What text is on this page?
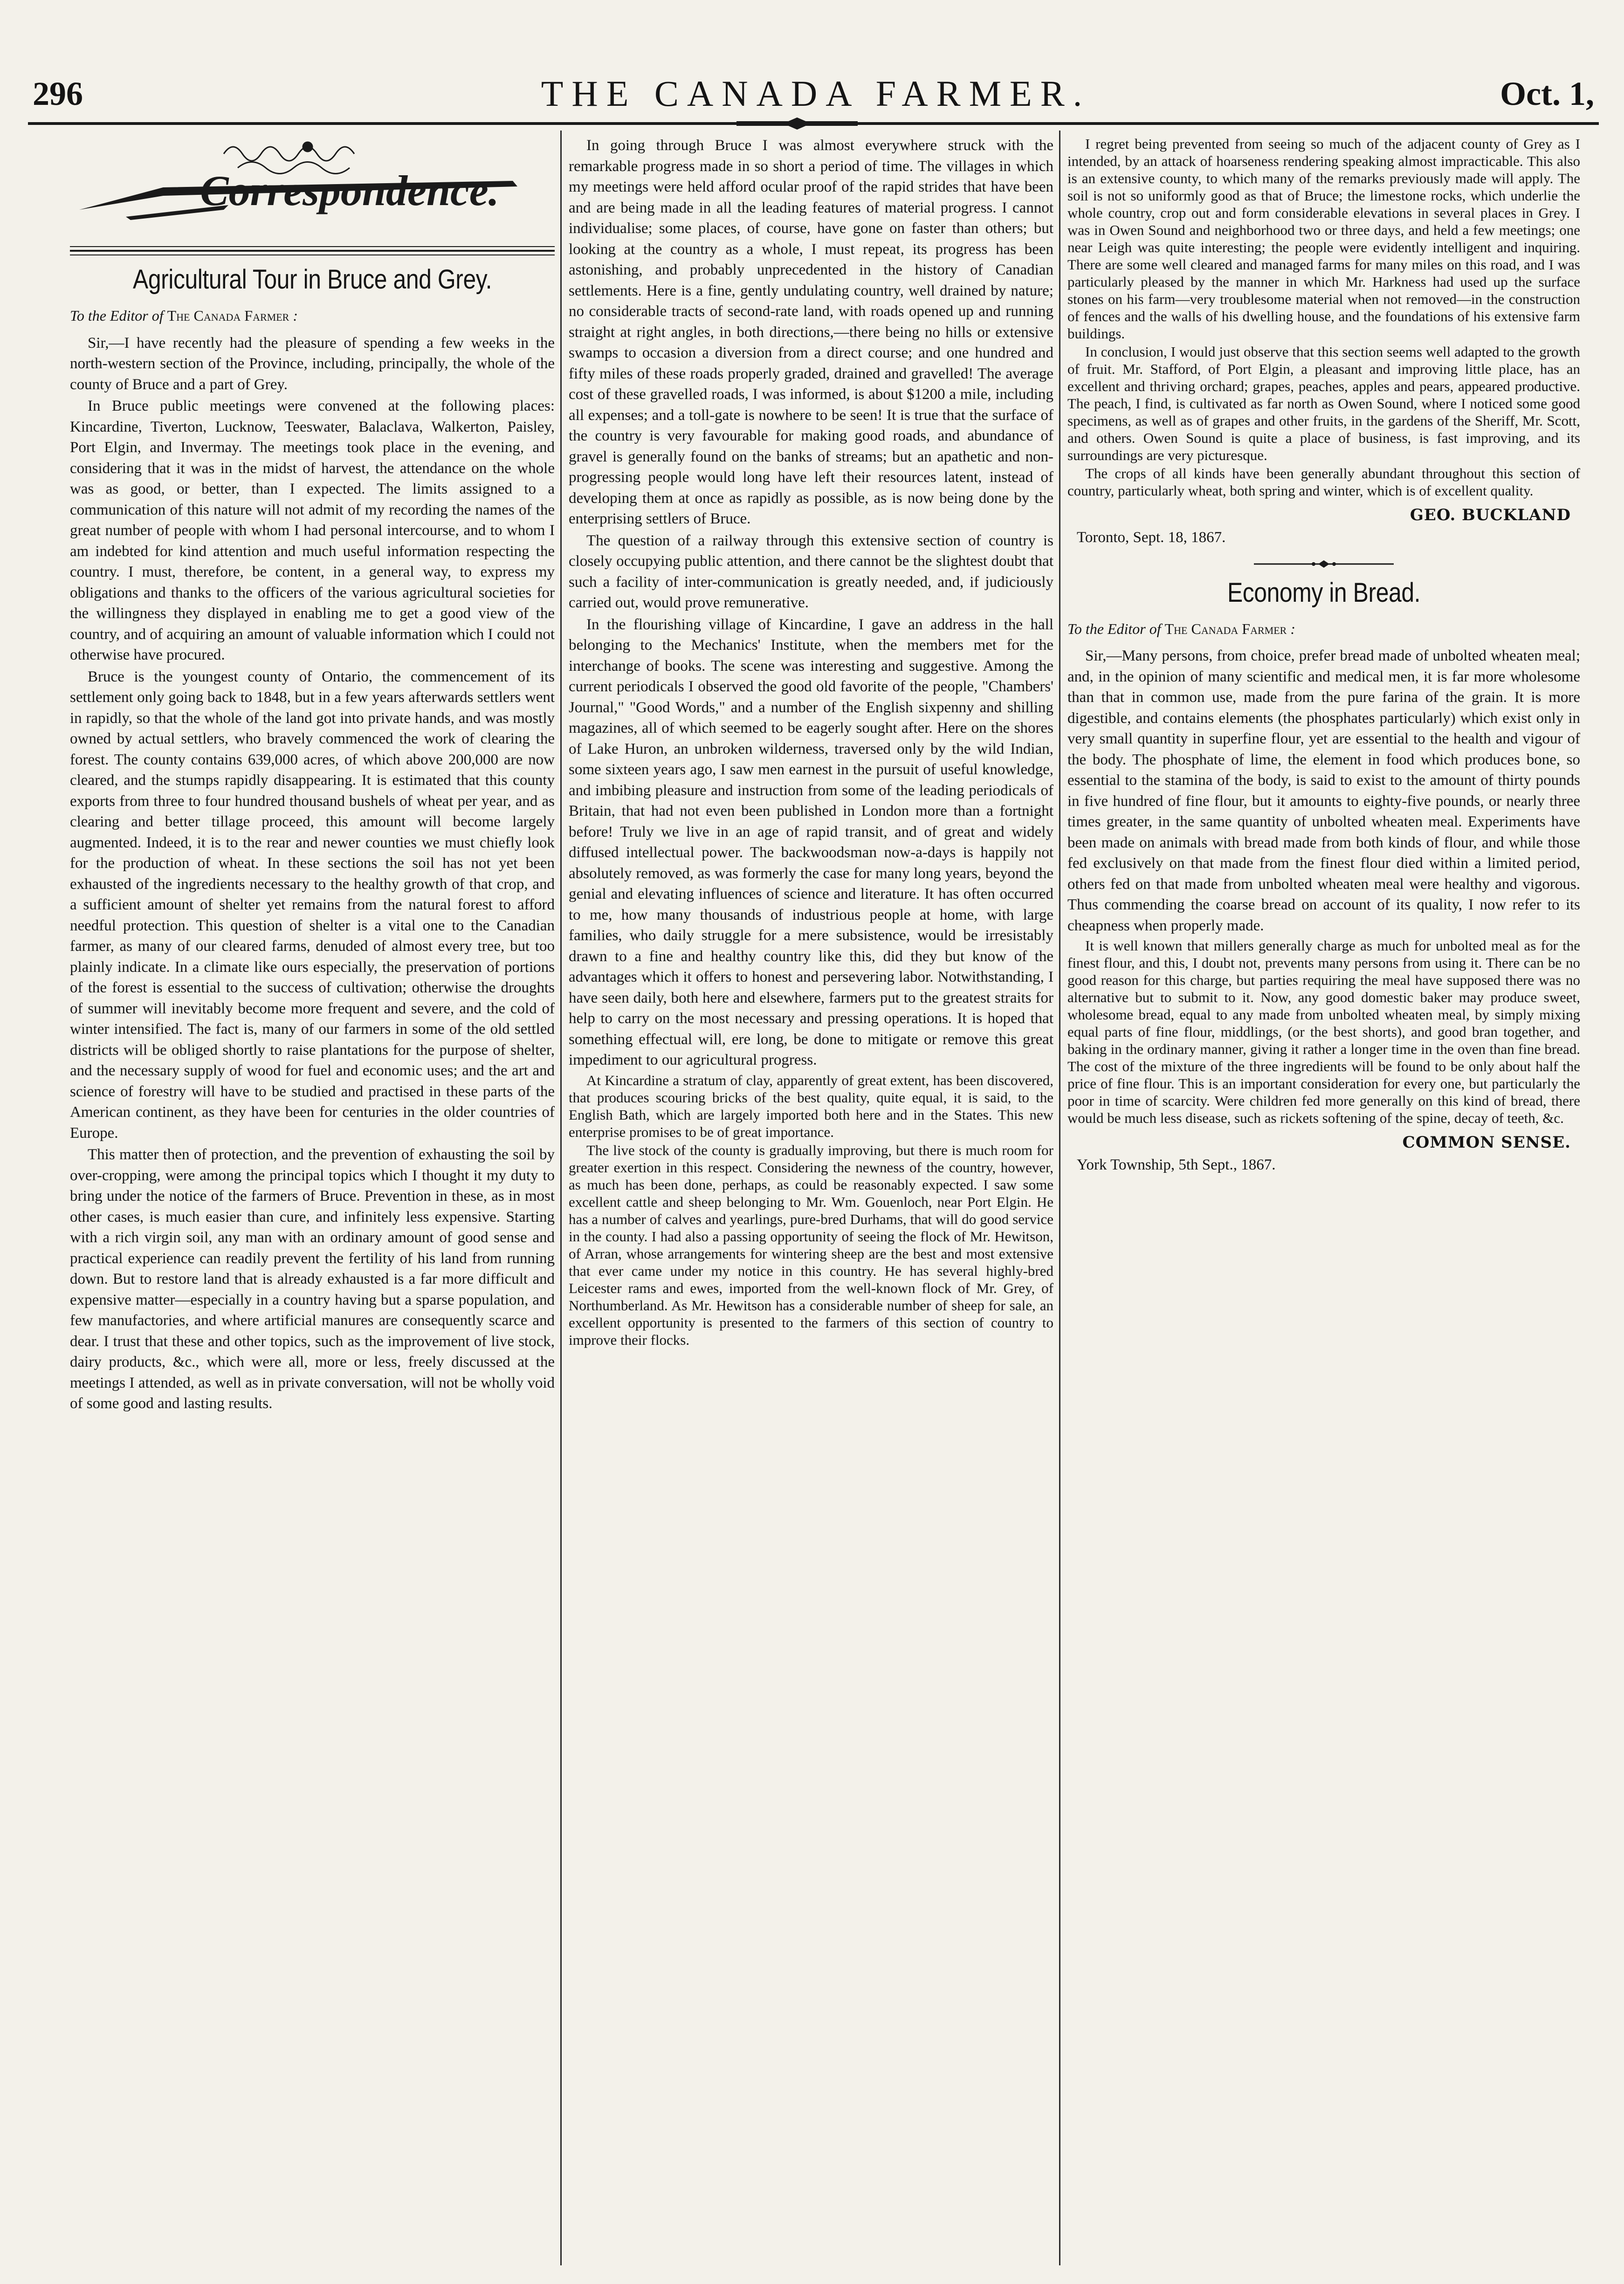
296	THE CANADA FARMER.	Oct. 1,
Correspondence.
Agricultural Tour in Bruce and Grey.

To the Editor of The Canada Farmer :

Sir,—I have recently had the pleasure of spending a few weeks in the north-western section of the Province, including, principally, the whole of the county of Bruce and a part of Grey.

In Bruce public meetings were convened at the following places: Kincardine, Tiverton, Lucknow, Teeswater, Balaclava, Walkerton, Paisley, Port Elgin, and Invermay. The meetings took place in the evening, and considering that it was in the midst of harvest, the attendance on the whole was as good, or better, than I expected. The limits assigned to a communication of this nature will not admit of my recording the names of the great number of people with whom I had personal intercourse, and to whom I am indebted for kind attention and much useful information respecting the country. I must, therefore, be content, in a general way, to express my obligations and thanks to the officers of the various agricultural societies for the willingness they displayed in enabling me to get a good view of the country, and of acquiring an amount of valuable information which I could not otherwise have procured.

Bruce is the youngest county of Ontario, the commencement of its settlement only going back to 1848, but in a few years afterwards settlers went in rapidly, so that the whole of the land got into private hands, and was mostly owned by actual settlers, who bravely commenced the work of clearing the forest. The county contains 639,000 acres, of which above 200,000 are now cleared, and the stumps rapidly disappearing. It is estimated that this county exports from three to four hundred thousand bushels of wheat per year, and as clearing and better tillage proceed, this amount will become largely augmented. Indeed, it is to the rear and newer counties we must chiefly look for the production of wheat. In these sections the soil has not yet been exhausted of the ingredients necessary to the healthy growth of that crop, and a sufficient amount of shelter yet remains from the natural forest to afford needful protection. This question of shelter is a vital one to the Canadian farmer, as many of our cleared farms, denuded of almost every tree, but too plainly indicate. In a climate like ours especially, the preservation of portions of the forest is essential to the success of cultivation; otherwise the droughts of summer will inevitably become more frequent and severe, and the cold of winter intensified. The fact is, many of our farmers in some of the old settled districts will be obliged shortly to raise plantations for the purpose of shelter, and the necessary supply of wood for fuel and economic uses; and the art and science of forestry will have to be studied and practised in these parts of the American continent, as they have been for centuries in the older countries of Europe.

This matter then of protection, and the prevention of exhausting the soil by over-cropping, were among the principal topics which I thought it my duty to bring under the notice of the farmers of Bruce. Prevention in these, as in most other cases, is much easier than cure, and infinitely less expensive. Starting with a rich virgin soil, any man with an ordinary amount of good sense and practical experience can readily prevent the fertility of his land from running down. But to restore land that is already exhausted is a far more difficult and expensive matter—especially in a country having but a sparse population, and few manufactories, and where artificial manures are consequently scarce and dear. I trust that these and other topics, such as the improvement of live stock, dairy products, &c., which were all, more or less, freely discussed at the meetings I attended, as well as in private conversation, will not be wholly void of some good and lasting results.

In going through Bruce I was almost everywhere struck with the remarkable progress made in so short a period of time. The villages in which my meetings were held afford ocular proof of the rapid strides that have been and are being made in all the leading features of material progress. I cannot individualise; some places, of course, have gone on faster than others; but looking at the country as a whole, I must repeat, its progress has been astonishing, and probably unprecedented in the history of Canadian settlements. Here is a fine, gently undulating country, well drained by nature; no considerable tracts of second-rate land, with roads opened up and running straight at right angles, in both directions,—there being no hills or extensive swamps to occasion a diversion from a direct course; and one hundred and fifty miles of these roads properly graded, drained and gravelled! The average cost of these gravelled roads, I was informed, is about $1200 a mile, including all expenses; and a toll-gate is nowhere to be seen! It is true that the surface of the country is very favourable for making good roads, and abundance of gravel is generally found on the banks of streams; but an apathetic and non-progressing people would long have left their resources latent, instead of developing them at once as rapidly as possible, as is now being done by the enterprising settlers of Bruce.

The question of a railway through this extensive section of country is closely occupying public attention, and there cannot be the slightest doubt that such a facility of inter-communication is greatly needed, and, if judiciously carried out, would prove remunerative.

In the flourishing village of Kincardine, I gave an address in the hall belonging to the Mechanics' Institute, when the members met for the interchange of books. The scene was interesting and suggestive. Among the current periodicals I observed the good old favorite of the people, "Chambers' Journal," "Good Words," and a number of the English sixpenny and shilling magazines, all of which seemed to be eagerly sought after. Here on the shores of Lake Huron, an unbroken wilderness, traversed only by the wild Indian, some sixteen years ago, I saw men earnest in the pursuit of useful knowledge, and imbibing pleasure and instruction from some of the leading periodicals of Britain, that had not even been published in London more than a fortnight before! Truly we live in an age of rapid transit, and of great and widely diffused intellectual power. The backwoodsman now-a-days is happily not absolutely removed, as was formerly the case for many long years, beyond the genial and elevating influences of science and literature. It has often occurred to me, how many thousands of industrious people at home, with large families, who daily struggle for a mere subsistence, would be irresistably drawn to a fine and healthy country like this, did they but know of the advantages which it offers to honest and persevering labor. Notwithstanding, I have seen daily, both here and elsewhere, farmers put to the greatest straits for help to carry on the most necessary and pressing operations. It is hoped that something effectual will, ere long, be done to mitigate or remove this great impediment to our agricultural progress.

At Kincardine a stratum of clay, apparently of great extent, has been discovered, that produces scouring bricks of the best quality, quite equal, it is said, to the English Bath, which are largely imported both here and in the States. This new enterprise promises to be of great importance.

The live stock of the county is gradually improving, but there is much room for greater exertion in this respect. Considering the newness of the country, however, as much has been done, perhaps, as could be reasonably expected. I saw some excellent cattle and sheep belonging to Mr. Wm. Gouenloch, near Port Elgin. He has a number of calves and yearlings, pure-bred Durhams, that will do good service in the county. I had also a passing opportunity of seeing the flock of Mr. Hewitson, of Arran, whose arrangements for wintering sheep are the best and most extensive that ever came under my notice in this country. He has several highly-bred Leicester rams and ewes, imported from the well-known flock of Mr. Grey, of Northumberland. As Mr. Hewitson has a considerable number of sheep for sale, an excellent opportunity is presented to the farmers of this section of country to improve their flocks.

I regret being prevented from seeing so much of the adjacent county of Grey as I intended, by an attack of hoarseness rendering speaking almost impracticable. This also is an extensive county, to which many of the remarks previously made will apply. The soil is not so uniformly good as that of Bruce; the limestone rocks, which underlie the whole country, crop out and form considerable elevations in several places in Grey. I was in Owen Sound and neighborhood two or three days, and held a few meetings; one near Leigh was quite interesting; the people were evidently intelligent and inquiring. There are some well cleared and managed farms for many miles on this road, and I was particularly pleased by the manner in which Mr. Harkness had used up the surface stones on his farm—very troublesome material when not removed—in the construction of fences and the walls of his dwelling house, and the foundations of his extensive farm buildings.

In conclusion, I would just observe that this section seems well adapted to the growth of fruit. Mr. Stafford, of Port Elgin, a pleasant and improving little place, has an excellent and thriving orchard; grapes, peaches, apples and pears, appeared productive. The peach, I find, is cultivated as far north as Owen Sound, where I noticed some good specimens, as well as of grapes and other fruits, in the gardens of the Sheriff, Mr. Scott, and others. Owen Sound is quite a place of business, is fast improving, and its surroundings are very picturesque.

The crops of all kinds have been generally abundant throughout this section of country, particularly wheat, both spring and winter, which is of excellent quality.

GEO. BUCKLAND
Toronto, Sept. 18, 1867.
Economy in Bread.

To the Editor of The Canada Farmer :

Sir,—Many persons, from choice, prefer bread made of unbolted wheaten meal; and, in the opinion of many scientific and medical men, it is far more wholesome than that in common use, made from the pure farina of the grain. It is more digestible, and contains elements (the phosphates particularly) which exist only in very small quantity in superfine flour, yet are essential to the health and vigour of the body. The phosphate of lime, the element in food which produces bone, so essential to the stamina of the body, is said to exist to the amount of thirty pounds in five hundred of fine flour, but it amounts to eighty-five pounds, or nearly three times greater, in the same quantity of unbolted wheaten meal. Experiments have been made on animals with bread made from both kinds of flour, and while those fed exclusively on that made from the finest flour died within a limited period, others fed on that made from unbolted wheaten meal were healthy and vigorous. Thus commending the coarse bread on account of its quality, I now refer to its cheapness when properly made.

It is well known that millers generally charge as much for unbolted meal as for the finest flour, and this, I doubt not, prevents many persons from using it. There can be no good reason for this charge, but parties requiring the meal have supposed there was no alternative but to submit to it. Now, any good domestic baker may produce sweet, wholesome bread, equal to any made from unbolted wheaten meal, by simply mixing equal parts of fine flour, middlings, (or the best shorts), and good bran together, and baking in the ordinary manner, giving it rather a longer time in the oven than fine bread. The cost of the mixture of the three ingredients will be found to be only about half the price of fine flour. This is an important consideration for every one, but particularly the poor in time of scarcity. Were children fed more generally on this kind of bread, there would be much less disease, such as rickets softening of the spine, decay of teeth, &c.

COMMON SENSE.
York Township, 5th Sept., 1867.
